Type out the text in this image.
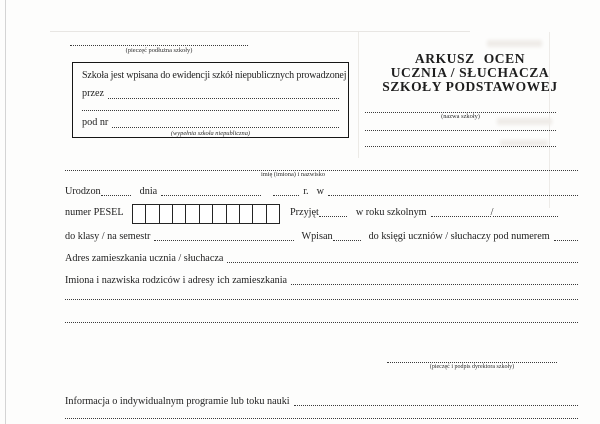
(pieczęć podłużna szkoły)
Szkoła jest wpisana do ewidencji szkół niepublicznych prowadzonej
przez
pod nr
(wypełnia szkoła niepubliczna)
ARKUSZ OCEN
UCZNIA / SŁUCHACZA
SZKOŁY PODSTAWOWEJ
(nazwa szkoły)
imię (imiona) i nazwisko
Urodzon	dnia	r. w
numer PESEL	Przyjęt	w roku szkolnym	/
do klasy / na semestr	Wpisan	do księgi uczniów / słuchaczy pod numerem
Adres zamieszkania ucznia / słuchacza
Imiona i nazwiska rodziców i adresy ich zamieszkania
(pieczęć i podpis dyrektora szkoły)
Informacja o indywidualnym programie lub toku nauki
